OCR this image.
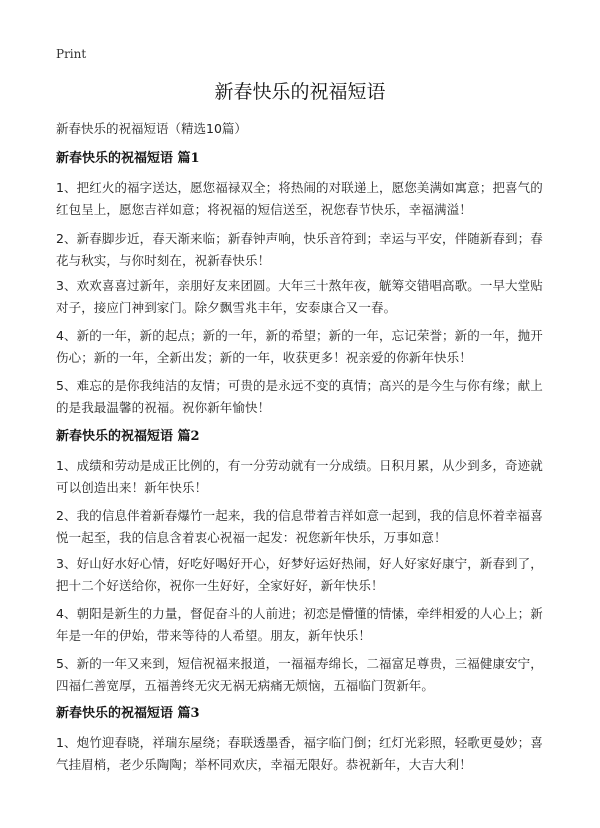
Print
新春快乐的祝福短语
新春快乐的祝福短语（精选10篇）
新春快乐的祝福短语 篇1

1、把红火的福字送达，愿您福禄双全；将热闹的对联递上，愿您美满如寓意；把喜气的红包呈上，愿您吉祥如意；将祝福的短信送至，祝您春节快乐，幸福满溢！

2、新春脚步近，春天渐来临；新春钟声响，快乐音符到；幸运与平安，伴随新春到；春花与秋实，与你时刻在，祝新春快乐！

3、欢欢喜喜过新年，亲朋好友来团圆。大年三十熬年夜，觥筹交错唱高歌。一早大堂贴对子，接应门神到家门。除夕飘雪兆丰年，安泰康合又一春。

4、新的一年，新的起点；新的一年，新的希望；新的一年，忘记荣誉；新的一年，抛开伤心；新的一年，全新出发；新的一年，收获更多！祝亲爱的你新年快乐！

5、难忘的是你我纯洁的友情；可贵的是永远不变的真情；高兴的是今生与你有缘；献上的是我最温馨的祝福。祝你新年愉快！

新春快乐的祝福短语 篇2

1、成绩和劳动是成正比例的，有一分劳动就有一分成绩。日积月累，从少到多，奇迹就可以创造出来！新年快乐！

2、我的信息伴着新春爆竹一起来，我的信息带着吉祥如意一起到，我的信息怀着幸福喜悦一起至，我的信息含着衷心祝福一起发：祝您新年快乐，万事如意！

3、好山好水好心情，好吃好喝好开心，好梦好运好热闹，好人好家好康宁，新春到了，把十二个好送给你，祝你一生好好，全家好好，新年快乐！

4、朝阳是新生的力量，督促奋斗的人前进；初恋是懵懂的情愫，牵绊相爱的人心上；新年是一年的伊始，带来等待的人希望。朋友，新年快乐！

5、新的一年又来到，短信祝福来报道，一福福寿绵长，二福富足尊贵，三福健康安宁，四福仁善宽厚，五福善终无灾无祸无病痛无烦恼，五福临门贺新年。

新春快乐的祝福短语 篇3

1、炮竹迎春晓，祥瑞东屋绕；春联透墨香，福字临门倒；红灯光彩照，轻歌更曼妙；喜气挂眉梢，老少乐陶陶；举杯同欢庆，幸福无限好。恭祝新年，大吉大利！
